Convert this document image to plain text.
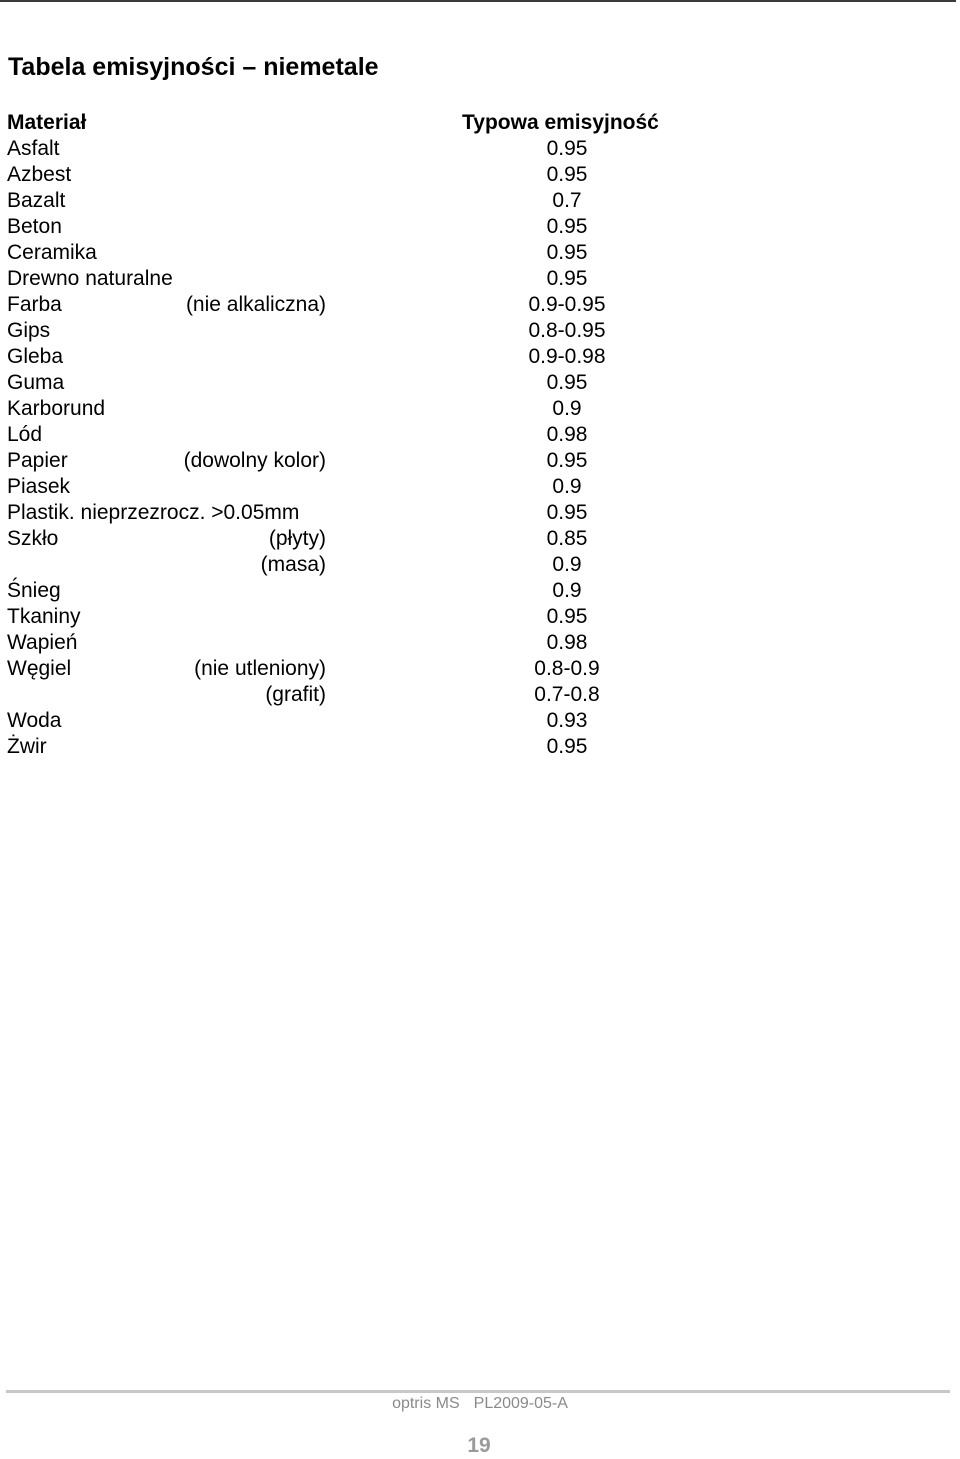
Tabela emisyjności – niemetale
Materiał	Typowa emisyjność
Asfalt	0.95
Azbest	0.95
Bazalt	0.7
Beton	0.95
Ceramika	0.95
Drewno naturalne	0.95
Farba	(nie alkaliczna)	0.9-0.95
Gips	0.8-0.95
Gleba	0.9-0.98
Guma	0.95
Karborund	0.9
Lód	0.98
Papier	(dowolny kolor)	0.95
Piasek	0.9
Plastik. nieprzezrocz. >0.05mm	0.95
Szkło	(płyty)	0.85
(masa)	0.9
Śnieg	0.9
Tkaniny	0.95
Wapień	0.98
Węgiel	(nie utleniony)	0.8-0.9
(grafit)	0.7-0.8
Woda	0.93
Żwir	0.95
optris MS PL2009-05-A
19
